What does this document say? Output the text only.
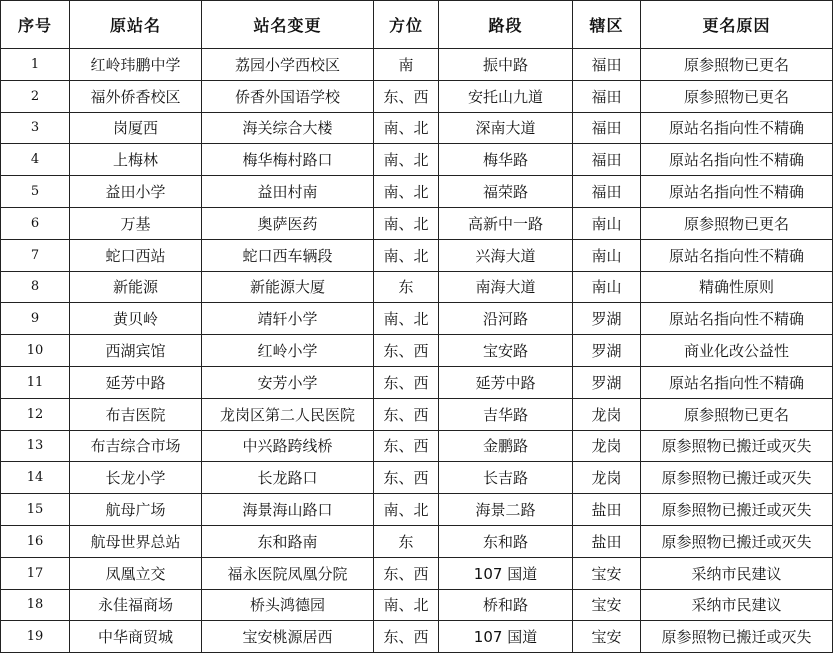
序号	原站名	站名变更	方位	路段	辖区	更名原因
1	红岭玮鹏中学	荔园小学西校区	南	振中路	福田	原参照物已更名
2	福外侨香校区	侨香外国语学校	东、西	安托山九道	福田	原参照物已更名
3	岗厦西	海关综合大楼	南、北	深南大道	福田	原站名指向性不精确
4	上梅林	梅华梅村路口	南、北	梅华路	福田	原站名指向性不精确
5	益田小学	益田村南	南、北	福荣路	福田	原站名指向性不精确
6	万基	奥萨医药	南、北	高新中一路	南山	原参照物已更名
7	蛇口西站	蛇口西车辆段	南、北	兴海大道	南山	原站名指向性不精确
8	新能源	新能源大厦	东	南海大道	南山	精确性原则
9	黄贝岭	靖轩小学	南、北	沿河路	罗湖	原站名指向性不精确
10	西湖宾馆	红岭小学	东、西	宝安路	罗湖	商业化改公益性
11	延芳中路	安芳小学	东、西	延芳中路	罗湖	原站名指向性不精确
12	布吉医院	龙岗区第二人民医院	东、西	吉华路	龙岗	原参照物已更名
13	布吉综合市场	中兴路跨线桥	东、西	金鹏路	龙岗	原参照物已搬迁或灭失
14	长龙小学	长龙路口	东、西	长吉路	龙岗	原参照物已搬迁或灭失
15	航母广场	海景海山路口	南、北	海景二路	盐田	原参照物已搬迁或灭失
16	航母世界总站	东和路南	东	东和路	盐田	原参照物已搬迁或灭失
17	凤凰立交	福永医院凤凰分院	东、西	107 国道	宝安	采纳市民建议
18	永佳福商场	桥头鸿德园	南、北	桥和路	宝安	采纳市民建议
19	中华商贸城	宝安桃源居西	东、西	107 国道	宝安	原参照物已搬迁或灭失
